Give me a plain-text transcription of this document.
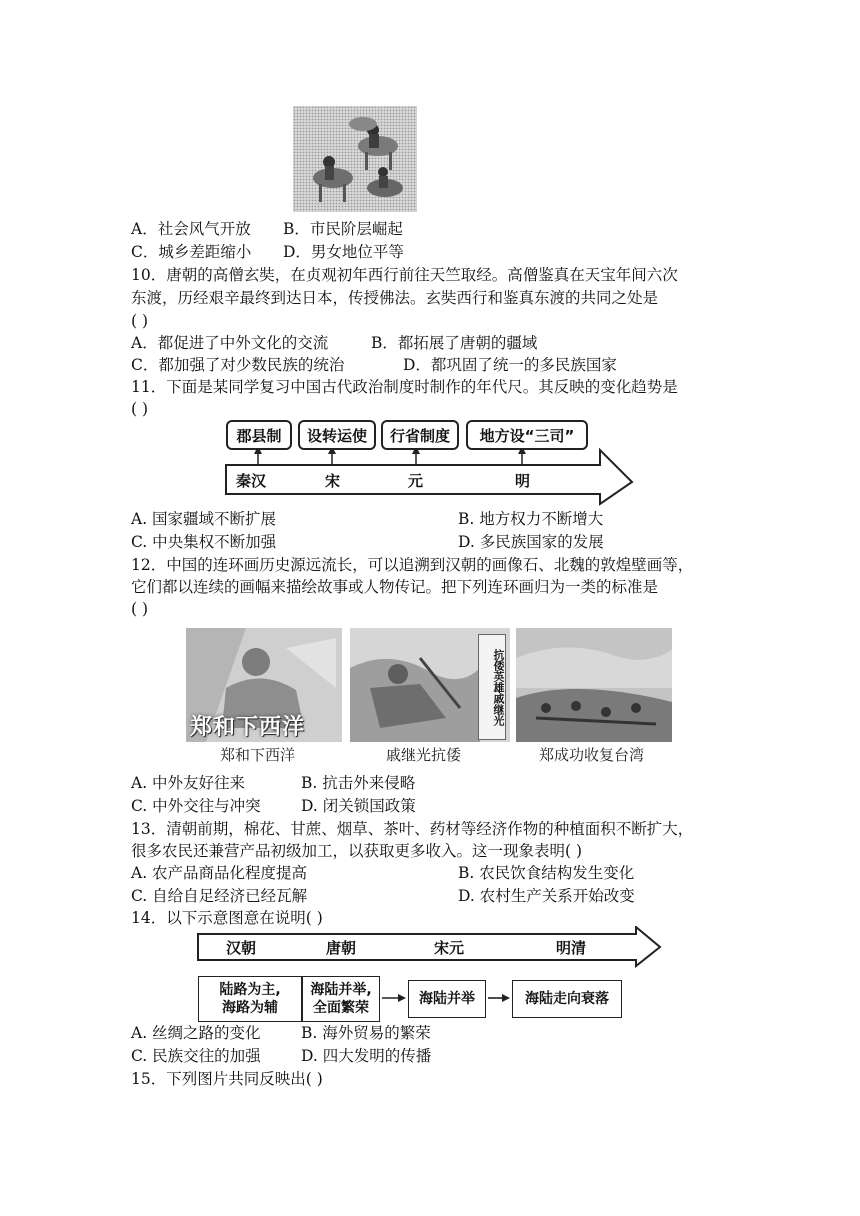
A．社会风气开放 B．市民阶层崛起
C．城乡差距缩小 D．男女地位平等
10．唐朝的高僧玄奘，在贞观初年西行前往天竺取经。高僧鉴真在天宝年间六次
东渡，历经艰辛最终到达日本，传授佛法。玄奘西行和鉴真东渡的共同之处是
( )
A．都促进了中外文化的交流	B．都拓展了唐朝的疆域
C．都加强了对少数民族的统治	D．都巩固了统一的多民族国家
11．下面是某同学复习中国古代政治制度时制作的年代尺。其反映的变化趋势是
( )
郡县制	设转运使	行省制度	地方设“三司”
秦汉	宋	元	明
A. 国家疆域不断扩展	B. 地方权力不断增大
C. 中央集权不断加强	D. 多民族国家的发展
12．中国的连环画历史源远流长，可以追溯到汉朝的画像石、北魏的敦煌壁画等，
它们都以连续的画幅来描绘故事或人物传记。把下列连环画归为一类的标准是
( )
郑和下西洋
抗倭英雄戚继光
郑和下西洋	戚继光抗倭	郑成功收复台湾
A. 中外友好往来	B. 抗击外来侵略
C. 中外交往与冲突	D. 闭关锁国政策
13．清朝前期，棉花、甘蔗、烟草、茶叶、药材等经济作物的种植面积不断扩大，
很多农民还兼营产品初级加工，以获取更多收入。这一现象表明( )
A. 农产品商品化程度提高	B. 农民饮食结构发生变化
C. 自给自足经济已经瓦解	D. 农村生产关系开始改变
14．以下示意图意在说明( )
汉朝	唐朝	宋元	明清
陆路为主,
海路为辅
海陆并举,
全面繁荣
海陆并举	海陆走向衰落
A. 丝绸之路的变化	B. 海外贸易的繁荣
C. 民族交往的加强	D. 四大发明的传播
15．下列图片共同反映出( )
